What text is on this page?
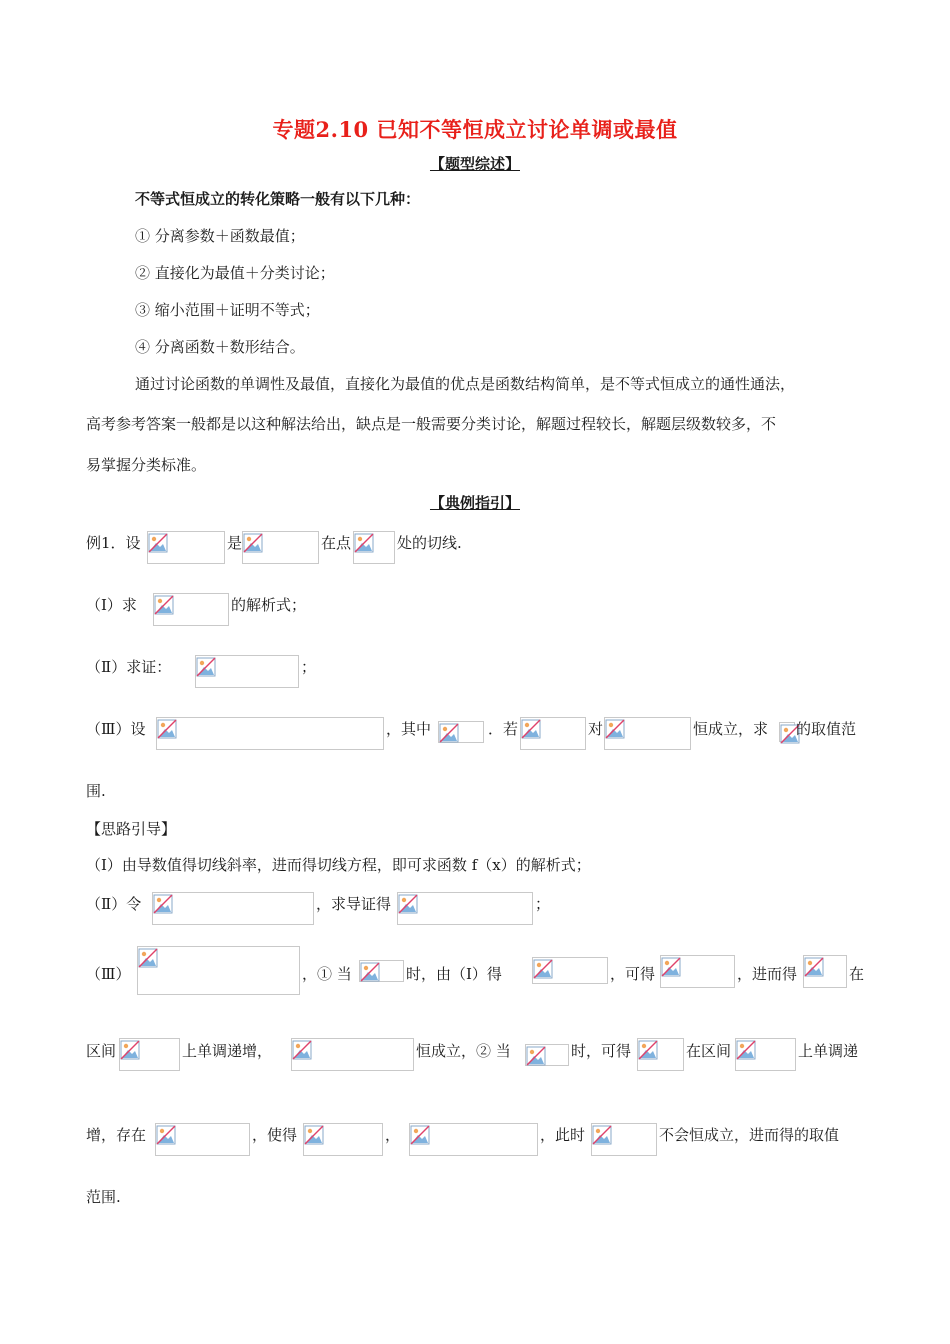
专题2.10 已知不等恒成立讨论单调或最值
【题型综述】
不等式恒成立的转化策略一般有以下几种：
① 分离参数＋函数最值；
② 直接化为最值＋分类讨论；
③ 缩小范围＋证明不等式；
④ 分离函数＋数形结合。
通过讨论函数的单调性及最值，直接化为最值的优点是函数结构简单，是不等式恒成立的通性通法，
高考参考答案一般都是以这种解法给出，缺点是一般需要分类讨论，解题过程较长，解题层级数较多，不
易掌握分类标准。
【典例指引】
例1．设	是	在点	处的切线.
（Ⅰ）求	的解析式；
（Ⅱ）求证：	；
（Ⅲ）设	，其中	．若	对	恒成立，求 的取值范
围.
【思路引导】
（Ⅰ）由导数值得切线斜率，进而得切线方程，即可求函数 f（x）的解析式；
（Ⅱ）令	，求导证得	；
（Ⅲ）	，① 当	时，由（Ⅰ）得	，可得	，进而得	在
区间	上单调递增，	恒成立，② 当	时，可得	在区间	上单调递
增，存在	，使得	，	，此时	不会恒成立，进而得的取值
范围.
